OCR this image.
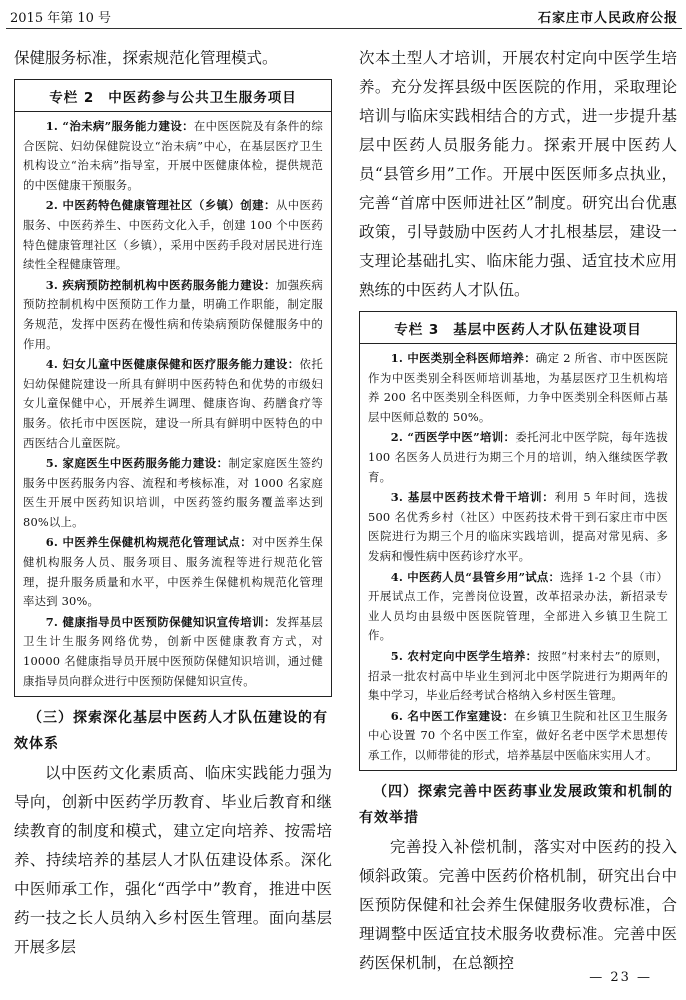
2015 年第 10 号	石家庄市人民政府公报

保健服务标准，探索规范化管理模式。

专栏 2 中医药参与公共卫生服务项目

1. “治未病”服务能力建设：在中医医院及有条件的综合医院、妇幼保健院设立“治未病”中心，在基层医疗卫生机构设立“治未病”指导室，开展中医健康体检，提供规范的中医健康干预服务。

2. 中医药特色健康管理社区（乡镇）创建：从中医药服务、中医药养生、中医药文化入手，创建 100 个中医药特色健康管理社区（乡镇），采用中医药手段对居民进行连续性全程健康管理。

3. 疾病预防控制机构中医药服务能力建设：加强疾病预防控制机构中医预防工作力量，明确工作职能，制定服务规范，发挥中医药在慢性病和传染病预防保健服务中的作用。

4. 妇女儿童中医健康保健和医疗服务能力建设：依托妇幼保健院建设一所具有鲜明中医药特色和优势的市级妇女儿童保健中心，开展养生调理、健康咨询、药膳食疗等服务。依托市中医医院，建设一所具有鲜明中医特色的中西医结合儿童医院。

5. 家庭医生中医药服务能力建设：制定家庭医生签约服务中医药服务内容、流程和考核标准，对 1000 名家庭医生开展中医药知识培训，中医药签约服务覆盖率达到 80%以上。

6. 中医养生保健机构规范化管理试点：对中医养生保健机构服务人员、服务项目、服务流程等进行规范化管理，提升服务质量和水平，中医养生保健机构规范化管理率达到 30%。

7. 健康指导员中医预防保健知识宣传培训：发挥基层卫生计生服务网络优势，创新中医健康教育方式，对 10000 名健康指导员开展中医预防保健知识培训，通过健康指导员向群众进行中医预防保健知识宣传。

（三）探索深化基层中医药人才队伍建设的有效体系

以中医药文化素质高、临床实践能力强为导向，创新中医药学历教育、毕业后教育和继续教育的制度和模式，建立定向培养、按需培养、持续培养的基层人才队伍建设体系。深化中医师承工作，强化“西学中”教育，推进中医药一技之长人员纳入乡村医生管理。面向基层开展多层

次本土型人才培训，开展农村定向中医学生培养。充分发挥县级中医医院的作用，采取理论培训与临床实践相结合的方式，进一步提升基层中医药人员服务能力。探索开展中医药人员“县管乡用”工作。开展中医医师多点执业，完善“首席中医师进社区”制度。研究出台优惠政策，引导鼓励中医药人才扎根基层，建设一支理论基础扎实、临床能力强、适宜技术应用熟练的中医药人才队伍。

专栏 3 基层中医药人才队伍建设项目

1. 中医类别全科医师培养：确定 2 所省、市中医医院作为中医类别全科医师培训基地，为基层医疗卫生机构培养 200 名中医类别全科医师，力争中医类别全科医师占基层中医师总数的 50%。

2. “西医学中医”培训：委托河北中医学院，每年选拔 100 名医务人员进行为期三个月的培训，纳入继续医学教育。

3. 基层中医药技术骨干培训：利用 5 年时间，选拔 500 名优秀乡村（社区）中医药技术骨干到石家庄市中医医院进行为期三个月的临床实践培训，提高对常见病、多发病和慢性病中医药诊疗水平。

4. 中医药人员“县管乡用”试点：选择 1-2 个县（市）开展试点工作，完善岗位设置，改革招录办法，新招录专业人员均由县级中医医院管理，全部进入乡镇卫生院工作。

5. 农村定向中医学生培养：按照“村来村去”的原则，招录一批农村高中毕业生到河北中医学院进行为期两年的集中学习，毕业后经考试合格纳入乡村医生管理。

6. 名中医工作室建设：在乡镇卫生院和社区卫生服务中心设置 70 个名中医工作室，做好名老中医学术思想传承工作，以师带徒的形式，培养基层中医临床实用人才。

（四）探索完善中医药事业发展政策和机制的有效举措

完善投入补偿机制，落实对中医药的投入倾斜政策。完善中医药价格机制，研究出台中医预防保健和社会养生保健服务收费标准，合理调整中医适宜技术服务收费标准。完善中医药医保机制，在总额控

— 23 —
